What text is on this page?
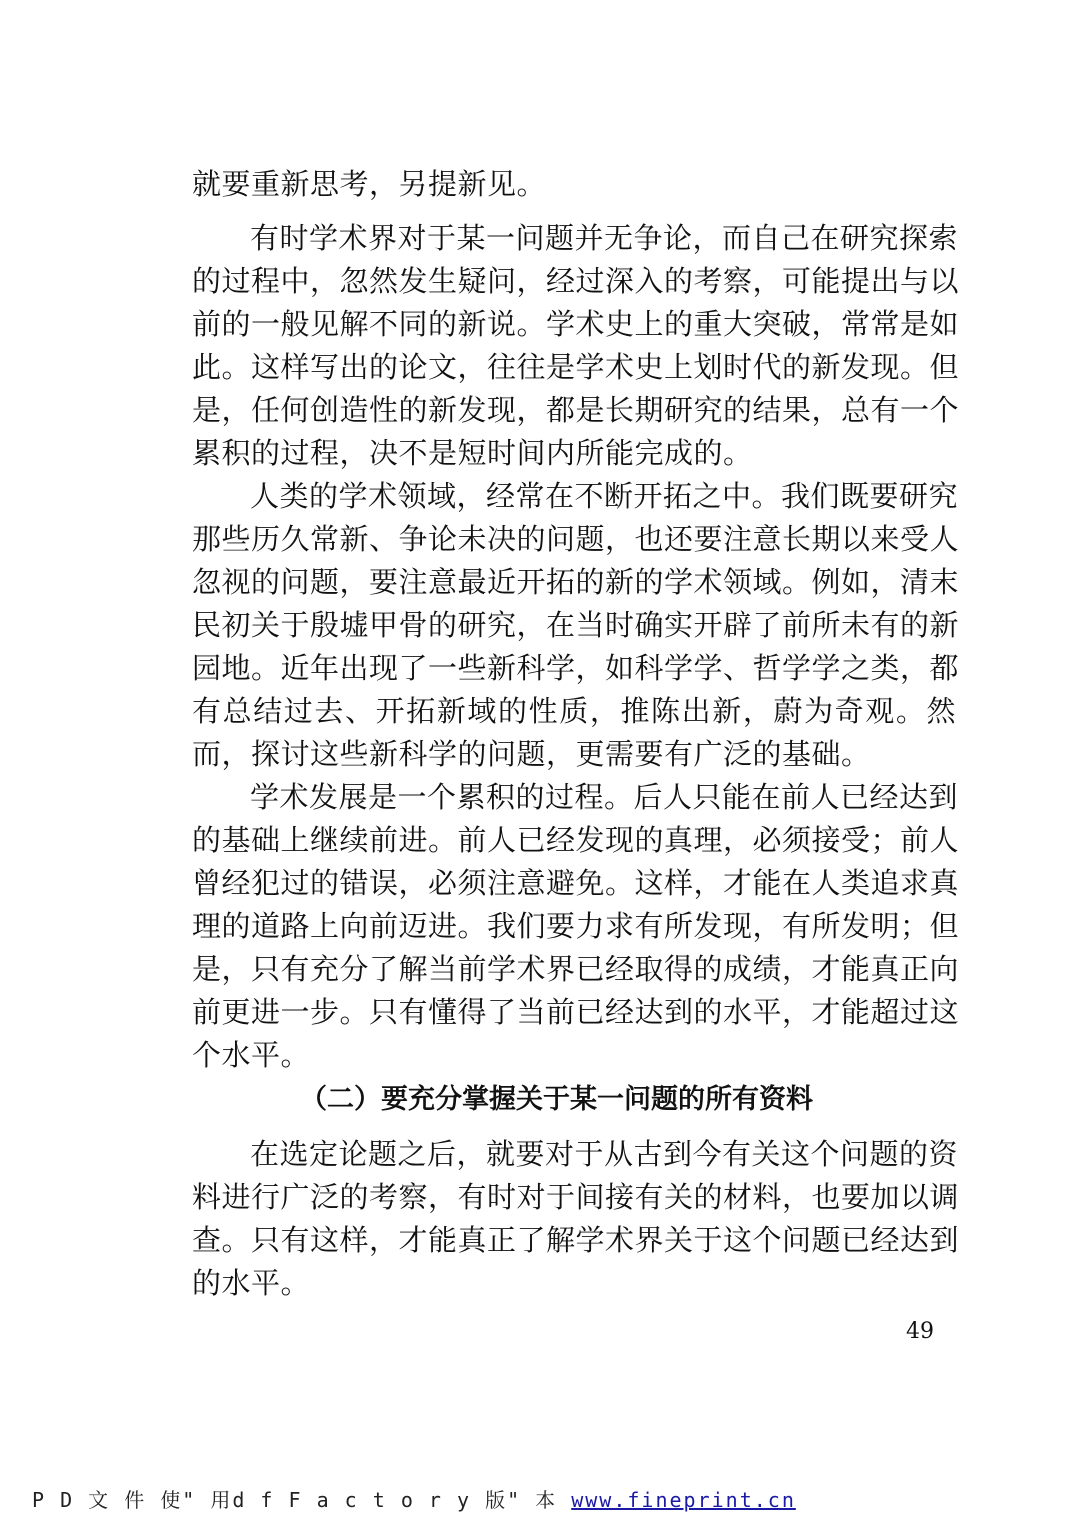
就要重新思考，另提新见。
有时学术界对于某一问题并无争论，而自己在研究探索
的过程中，忽然发生疑问，经过深入的考察，可能提出与以
前的一般见解不同的新说。学术史上的重大突破，常常是如
此。这样写出的论文，往往是学术史上划时代的新发现。但
是，任何创造性的新发现，都是长期研究的结果，总有一个
累积的过程，决不是短时间内所能完成的。
人类的学术领域，经常在不断开拓之中。我们既要研究
那些历久常新、争论未决的问题，也还要注意长期以来受人
忽视的问题，要注意最近开拓的新的学术领域。例如，清末
民初关于殷墟甲骨的研究，在当时确实开辟了前所未有的新
园地。近年出现了一些新科学，如科学学、哲学学之类，都
有总结过去、开拓新域的性质，推陈出新，蔚为奇观。然
而，探讨这些新科学的问题，更需要有广泛的基础。
学术发展是一个累积的过程。后人只能在前人已经达到
的基础上继续前进。前人已经发现的真理，必须接受；前人
曾经犯过的错误，必须注意避免。这样，才能在人类追求真
理的道路上向前迈进。我们要力求有所发现，有所发明；但
是，只有充分了解当前学术界已经取得的成绩，才能真正向
前更进一步。只有懂得了当前已经达到的水平，才能超过这
个水平。
（二）要充分掌握关于某一问题的所有资料
在选定论题之后，就要对于从古到今有关这个问题的资
料进行广泛的考察，有时对于间接有关的材料，也要加以调
查。只有这样，才能真正了解学术界关于这个问题已经达到
的水平。
49
P D 文 件 使" 用d f F a c t o r y 版" 本 www.fineprint.cn
